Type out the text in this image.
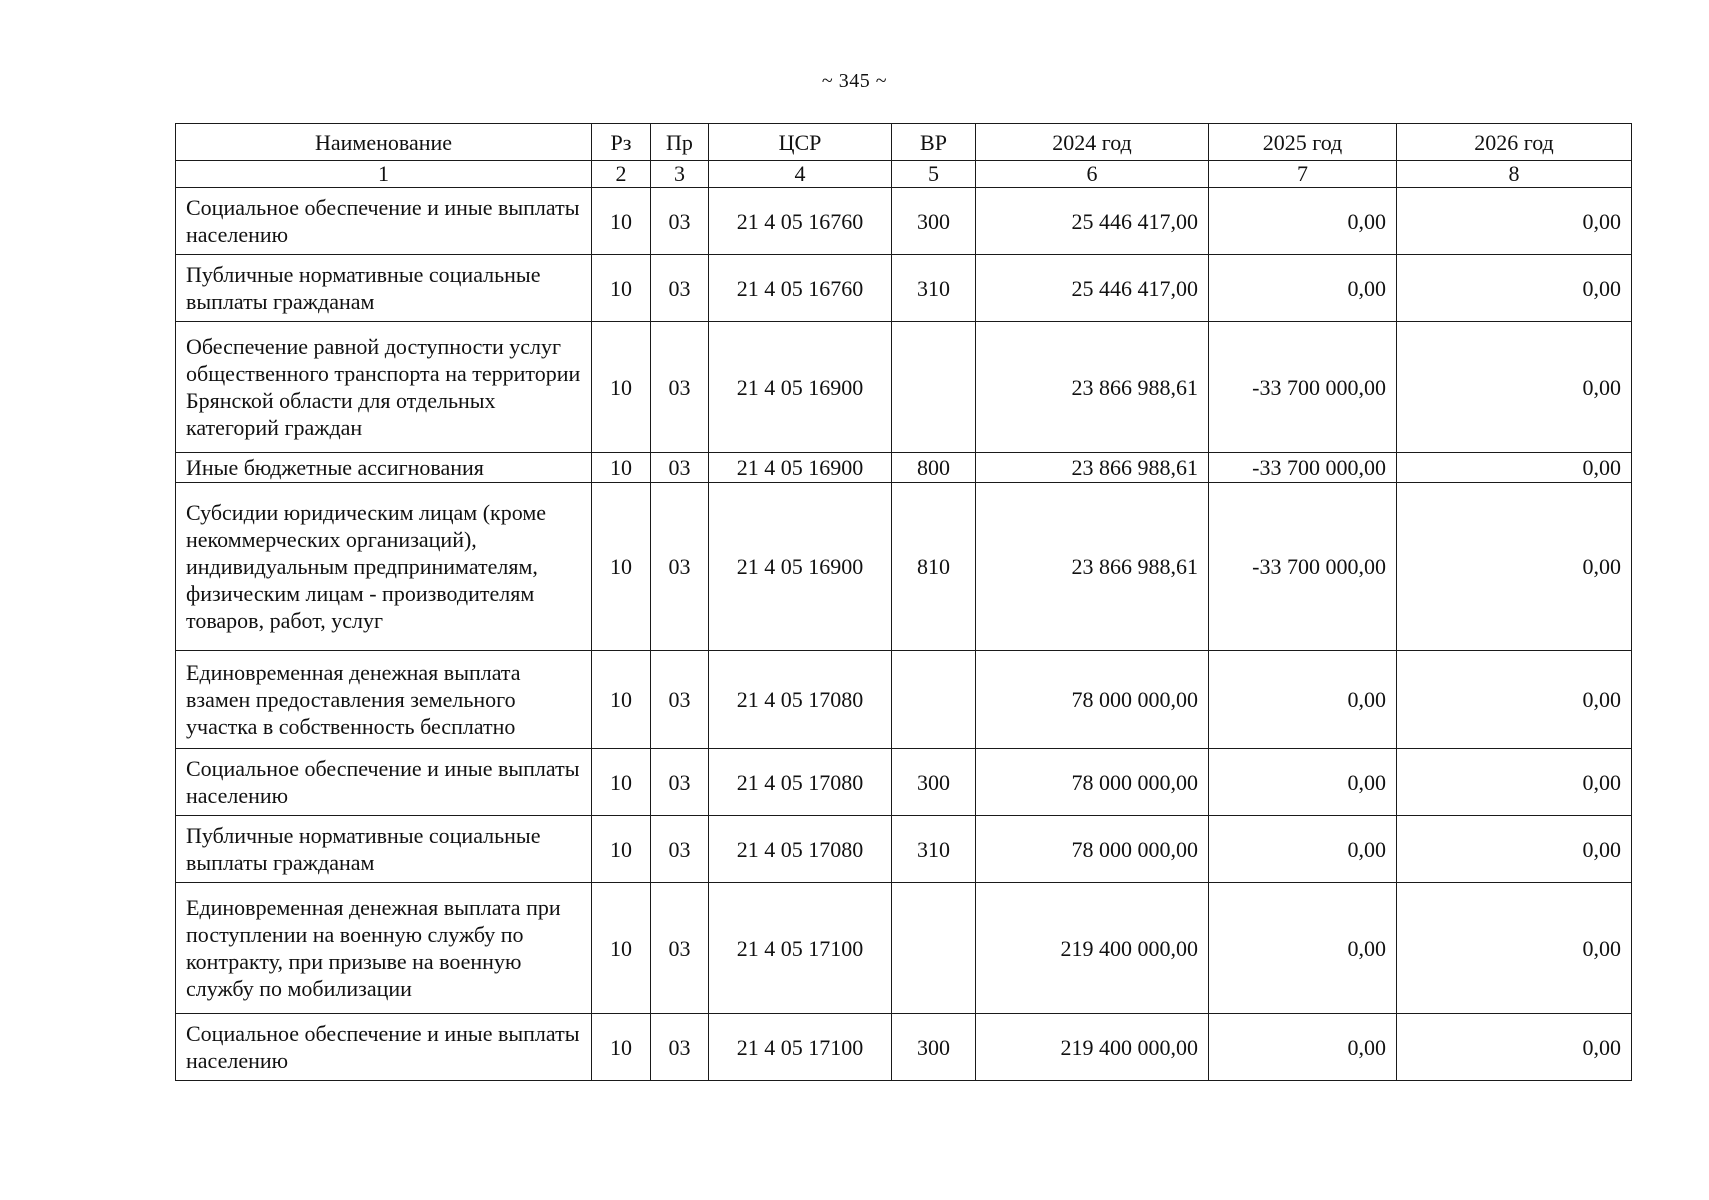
~ 345 ~
Наименование	Рз	Пр	ЦСР	ВР	2024 год	2025 год	2026 год
1	2	3	4	5	6	7	8
Социальное обеспечение и иные выплаты населению	10	03	21 4 05 16760	300	25 446 417,00	0,00	0,00
Публичные нормативные социальные выплаты гражданам	10	03	21 4 05 16760	310	25 446 417,00	0,00	0,00
Обеспечение равной доступности услуг общественного транспорта на территории Брянской области для отдельных категорий граждан	10	03	21 4 05 16900		23 866 988,61	-33 700 000,00	0,00
Иные бюджетные ассигнования	10	03	21 4 05 16900	800	23 866 988,61	-33 700 000,00	0,00
Субсидии юридическим лицам (кроме некоммерческих организаций), индивидуальным предпринимателям, физическим лицам - производителям товаров, работ, услуг	10	03	21 4 05 16900	810	23 866 988,61	-33 700 000,00	0,00
Единовременная денежная выплата взамен предоставления земельного участка в собственность бесплатно	10	03	21 4 05 17080		78 000 000,00	0,00	0,00
Социальное обеспечение и иные выплаты населению	10	03	21 4 05 17080	300	78 000 000,00	0,00	0,00
Публичные нормативные социальные выплаты гражданам	10	03	21 4 05 17080	310	78 000 000,00	0,00	0,00
Единовременная денежная выплата при поступлении на военную службу по контракту, при призыве на военную службу по мобилизации	10	03	21 4 05 17100		219 400 000,00	0,00	0,00
Социальное обеспечение и иные выплаты населению	10	03	21 4 05 17100	300	219 400 000,00	0,00	0,00
